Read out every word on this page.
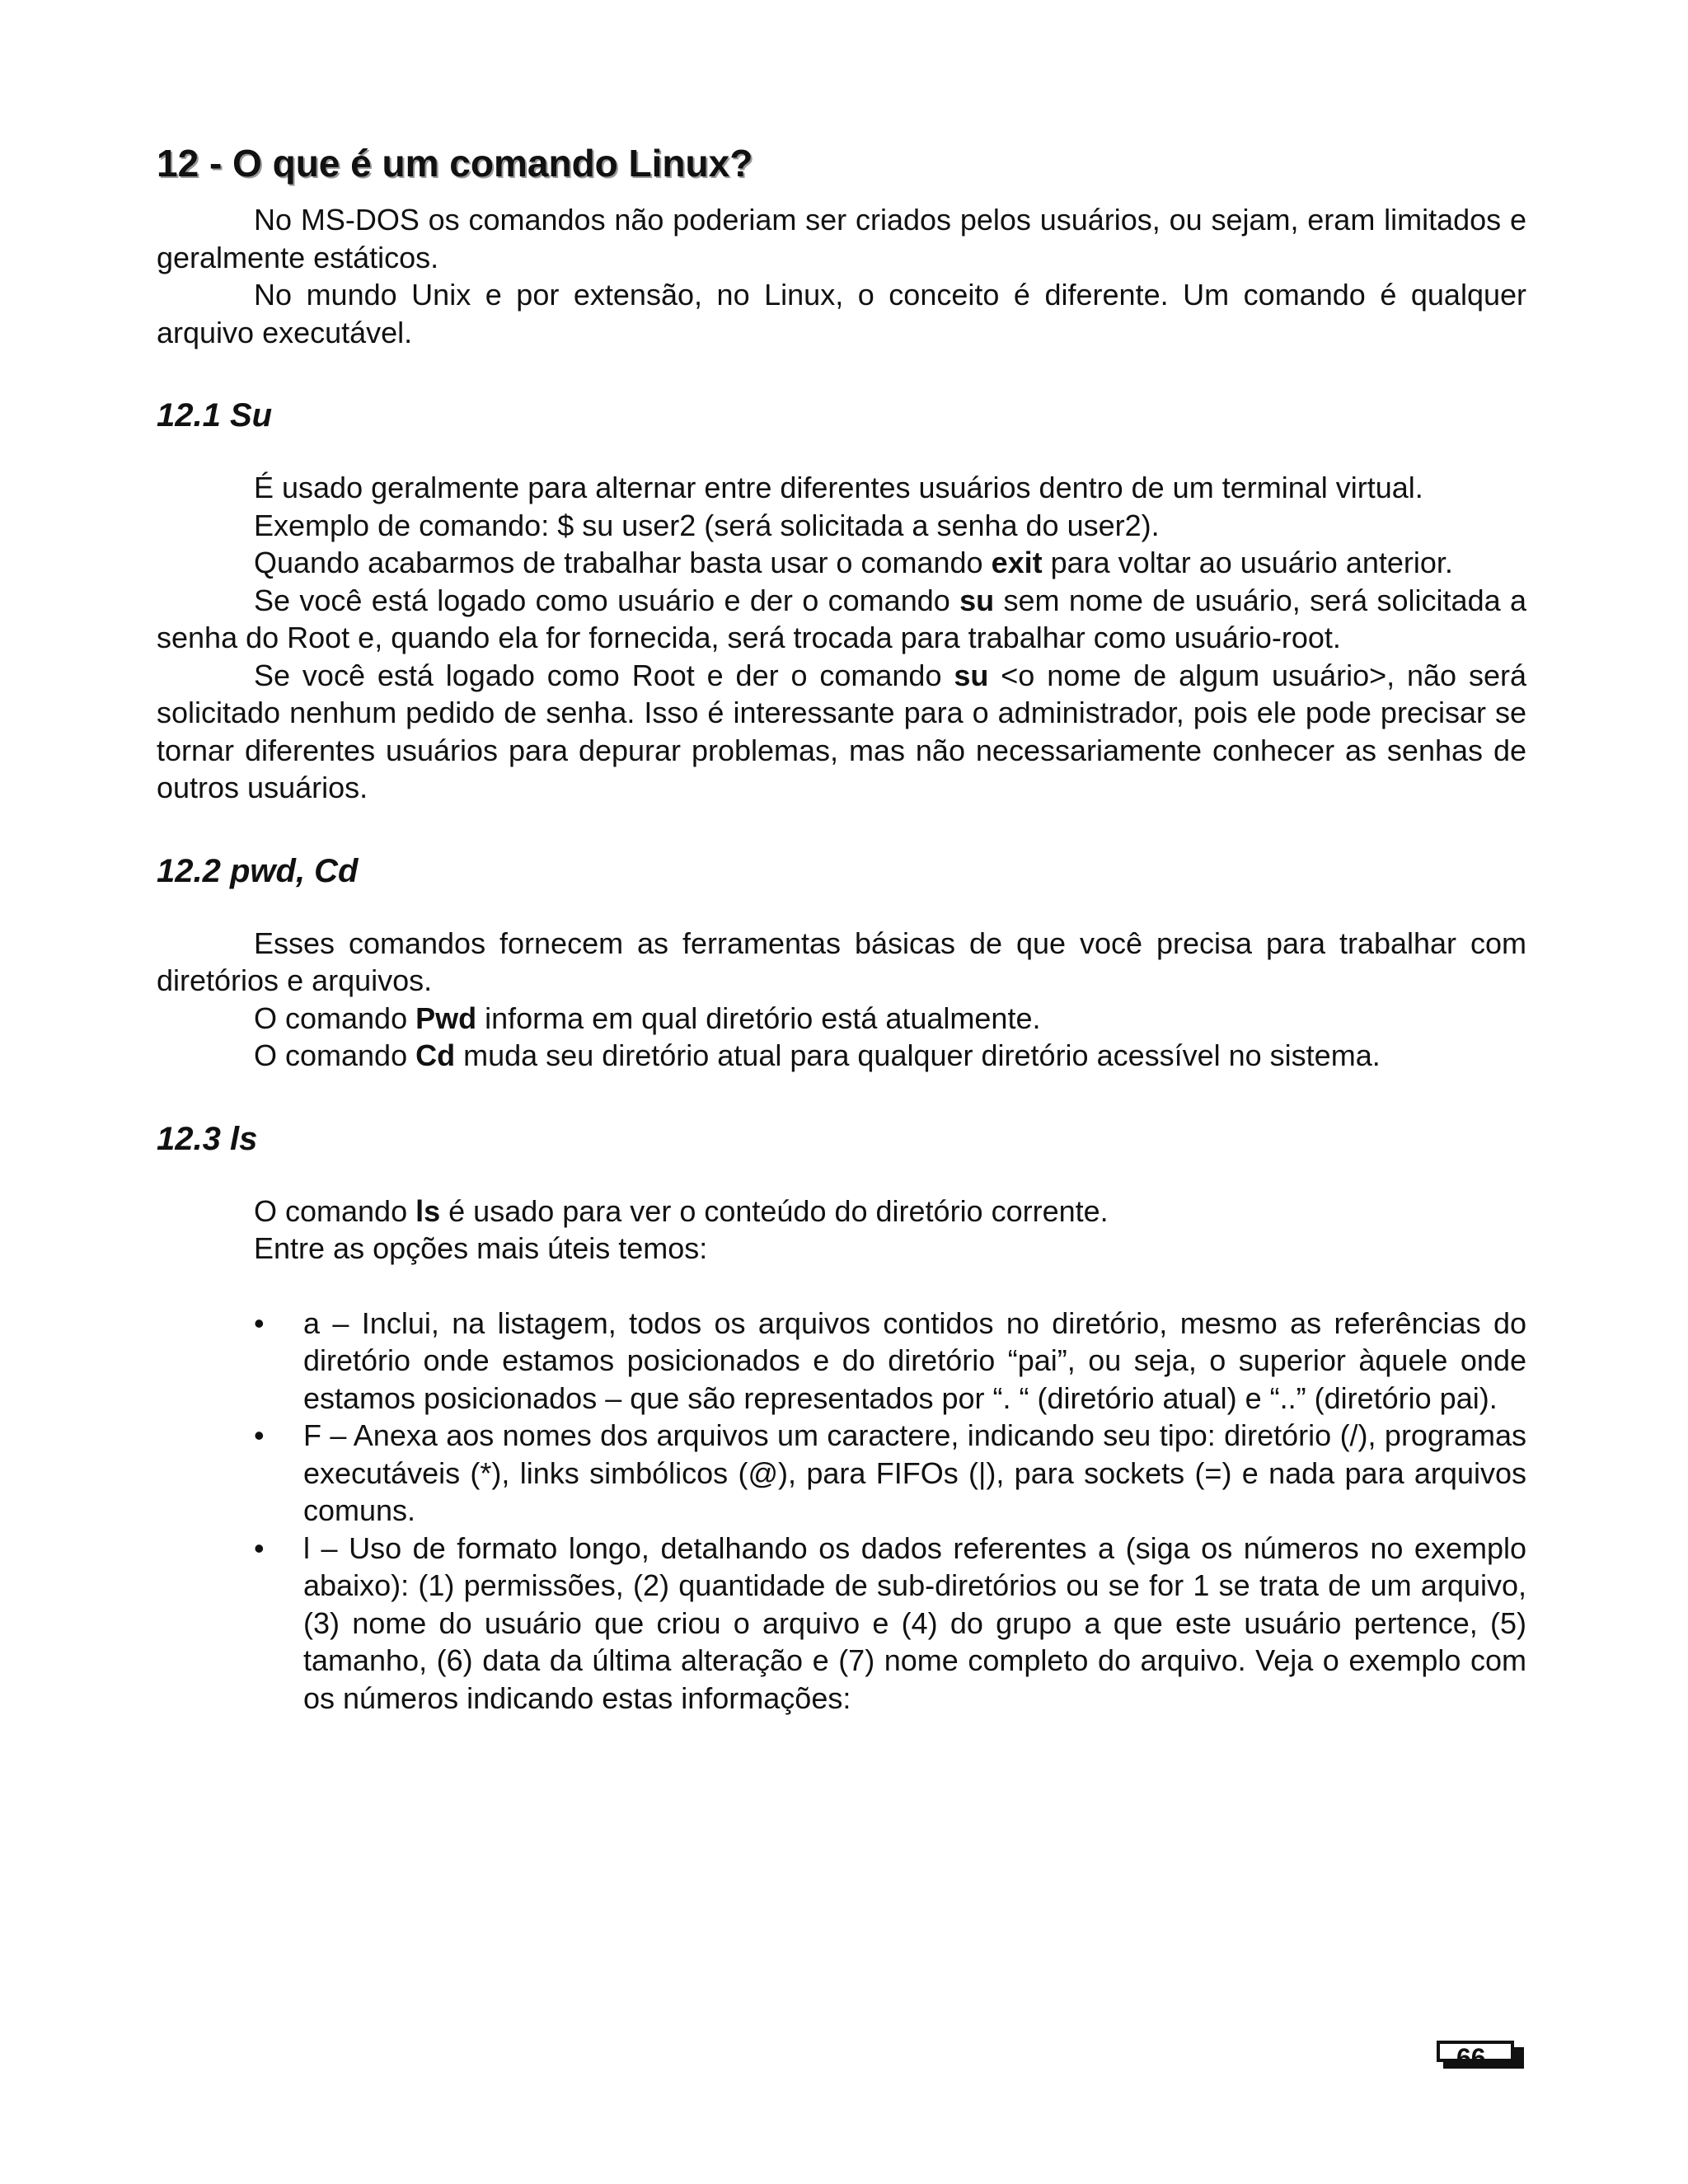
12 - O que é um comando Linux?

No MS-DOS os comandos não poderiam ser criados pelos usuários, ou sejam, eram limitados e geralmente estáticos.

No mundo Unix e por extensão, no Linux, o conceito é diferente. Um comando é qualquer arquivo executável.

12.1 Su

É usado geralmente para alternar entre diferentes usuários dentro de um terminal virtual.

Exemplo de comando: $ su user2 (será solicitada a senha do user2).

Quando acabarmos de trabalhar basta usar o comando exit para voltar ao usuário anterior.

Se você está logado como usuário e der o comando su sem nome de usuário, será solicitada a senha do Root e, quando ela for fornecida, será trocada para trabalhar como usuário-root.

Se você está logado como Root e der o comando su <o nome de algum usuário>, não será solicitado nenhum pedido de senha. Isso é interessante para o administrador, pois ele pode precisar se tornar diferentes usuários para depurar problemas, mas não necessariamente conhecer as senhas de outros usuários.

12.2 pwd, Cd

Esses comandos fornecem as ferramentas básicas de que você precisa para trabalhar com diretórios e arquivos.

O comando Pwd informa em qual diretório está atualmente.

O comando Cd muda seu diretório atual para qualquer diretório acessível no sistema.

12.3 ls

O comando ls é usado para ver o conteúdo do diretório corrente.

Entre as opções mais úteis temos:

•	a – Inclui, na listagem, todos os arquivos contidos no diretório, mesmo as referências do diretório onde estamos posicionados e do diretório “pai”, ou seja, o superior àquele onde estamos posicionados – que são representados por “. “ (diretório atual) e “..” (diretório pai).
•	F – Anexa aos nomes dos arquivos um caractere, indicando seu tipo: diretório (/), programas executáveis (*), links simbólicos (@), para FIFOs (|), para sockets (=) e nada para arquivos comuns.
•	l – Uso de formato longo, detalhando os dados referentes a (siga os números no exemplo abaixo): (1) permissões, (2) quantidade de sub-diretórios ou se for 1 se trata de um arquivo, (3) nome do usuário que criou o arquivo e (4) do grupo a que este usuário pertence, (5) tamanho, (6) data da última alteração e (7) nome completo do arquivo. Veja o exemplo com os números indicando estas informações:
66
